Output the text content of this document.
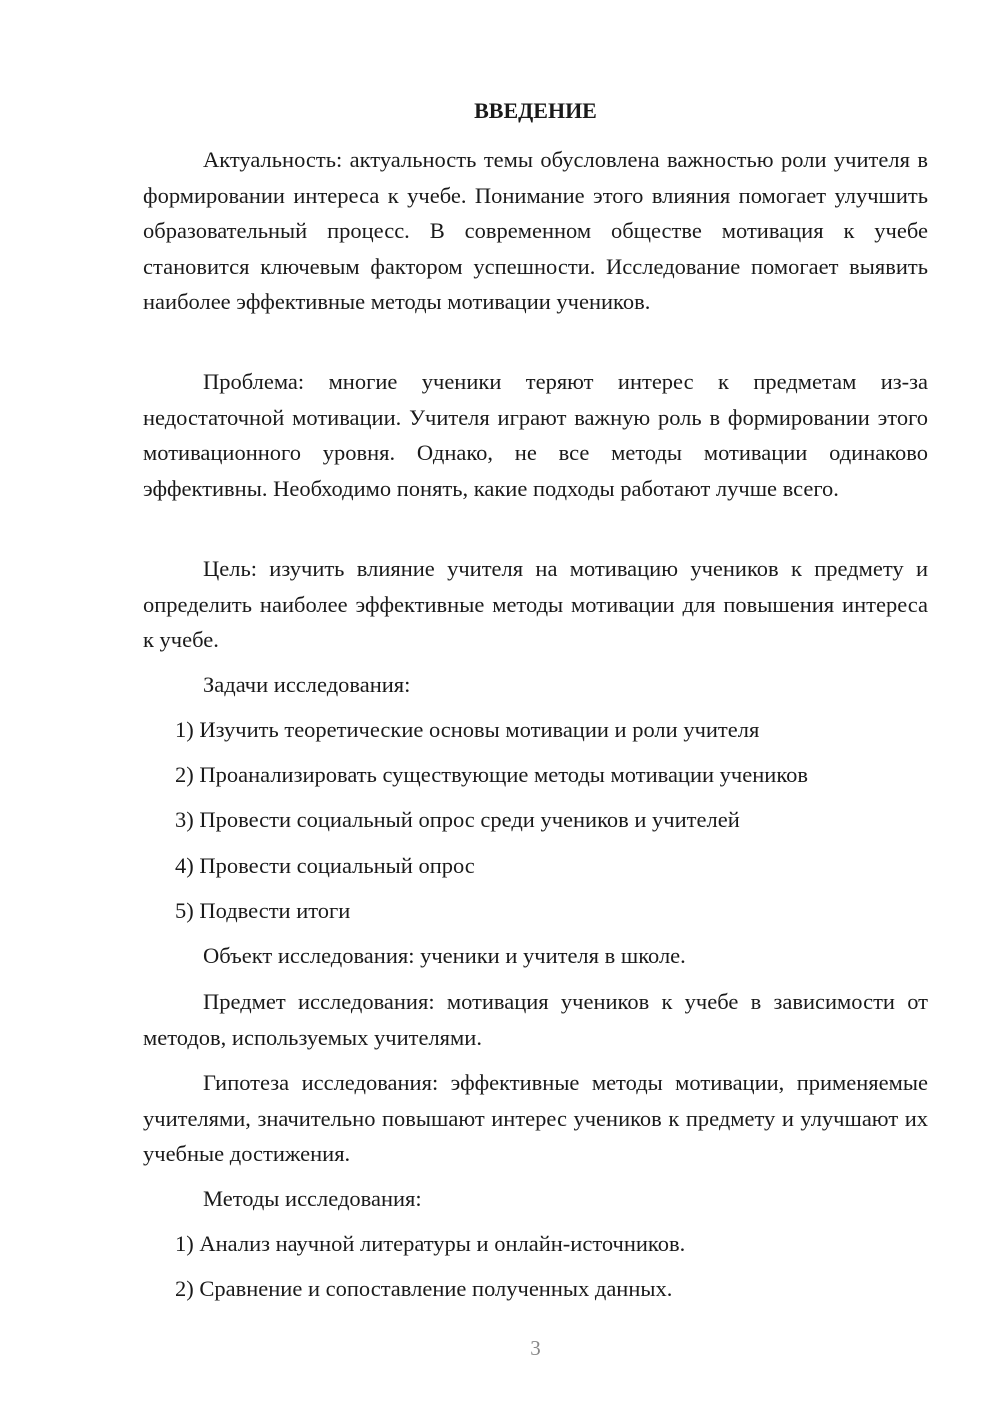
ВВЕДЕНИЕ

Актуальность: актуальность темы обусловлена важностью роли учителя в формировании интереса к учебе. Понимание этого влияния помогает улучшить образовательный процесс. В современном обществе мотивация к учебе становится ключевым фактором успешности. Исследование помогает выявить наиболее эффективные методы мотивации учеников.

Проблема: многие ученики теряют интерес к предметам из-за недостаточной мотивации. Учителя играют важную роль в формировании этого мотивационного уровня. Однако, не все методы мотивации одинаково эффективны. Необходимо понять, какие подходы работают лучше всего.

Цель: изучить влияние учителя на мотивацию учеников к предмету и определить наиболее эффективные методы мотивации для повышения интереса к учебе.

Задачи исследования:

1) Изучить теоретические основы мотивации и роли учителя

2) Проанализировать существующие методы мотивации учеников

3) Провести социальный опрос среди учеников и учителей

4) Провести социальный опрос

5) Подвести итоги

Объект исследования: ученики и учителя в школе.

Предмет исследования: мотивация учеников к учебе в зависимости от методов, используемых учителями.

Гипотеза исследования: эффективные методы мотивации, применяемые учителями, значительно повышают интерес учеников к предмету и улучшают их учебные достижения.

Методы исследования:

1) Анализ научной литературы и онлайн-источников.

2) Сравнение и сопоставление полученных данных.

3
